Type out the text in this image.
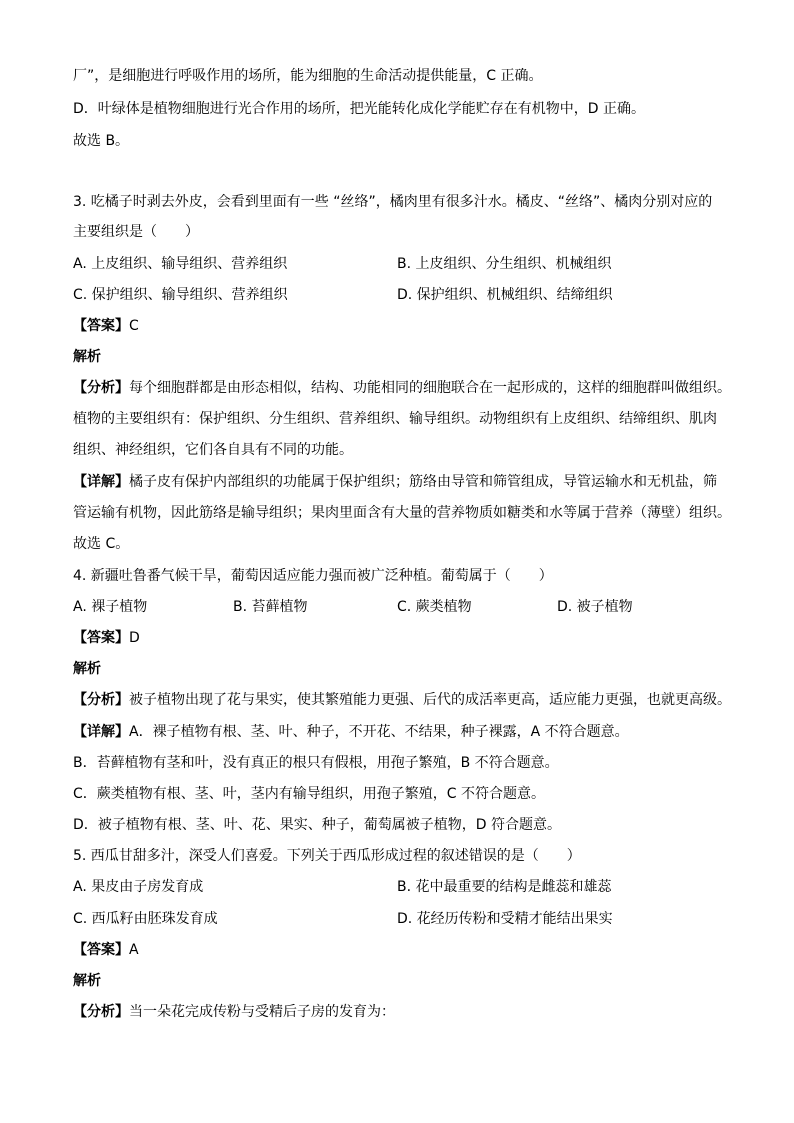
厂”，是细胞进行呼吸作用的场所，能为细胞的生命活动提供能量，C 正确。
D．叶绿体是植物细胞进行光合作用的场所，把光能转化成化学能贮存在有机物中，D 正确。
故选 B。
3. 吃橘子时剥去外皮，会看到里面有一些 “丝络”，橘肉里有很多汁水。橘皮、“丝络”、橘肉分别对应的
主要组织是（　　）
A. 上皮组织、输导组织、营养组织	B. 上皮组织、分生组织、机械组织
C. 保护组织、输导组织、营养组织	D. 保护组织、机械组织、结缔组织
【答案】C
解析
【分析】每个细胞群都是由形态相似，结构、功能相同的细胞联合在一起形成的，这样的细胞群叫做组织。
植物的主要组织有：保护组织、分生组织、营养组织、输导组织。动物组织有上皮组织、结缔组织、肌肉
组织、神经组织，它们各自具有不同的功能。
【详解】橘子皮有保护内部组织的功能属于保护组织；筋络由导管和筛管组成，导管运输水和无机盐，筛
管运输有机物，因此筋络是输导组织；果肉里面含有大量的营养物质如糖类和水等属于营养（薄壁）组织。
故选 C。
4. 新疆吐鲁番气候干旱，葡萄因适应能力强而被广泛种植。葡萄属于（　　）
A. 裸子植物	B. 苔藓植物	C. 蕨类植物	D. 被子植物
【答案】D
解析
【分析】被子植物出现了花与果实，使其繁殖能力更强、后代的成活率更高，适应能力更强，也就更高级。
【详解】A．裸子植物有根、茎、叶、种子，不开花、不结果，种子裸露，A 不符合题意。
B．苔藓植物有茎和叶，没有真正的根只有假根，用孢子繁殖，B 不符合题意。
C．蕨类植物有根、茎、叶，茎内有输导组织，用孢子繁殖，C 不符合题意。
D．被子植物有根、茎、叶、花、果实、种子，葡萄属被子植物，D 符合题意。
5. 西瓜甘甜多汁，深受人们喜爱。下列关于西瓜形成过程的叙述错误的是（　　）
A. 果皮由子房发育成	B. 花中最重要的结构是雌蕊和雄蕊
C. 西瓜籽由胚珠发育成	D. 花经历传粉和受精才能结出果实
【答案】A
解析
【分析】当一朵花完成传粉与受精后子房的发育为：
